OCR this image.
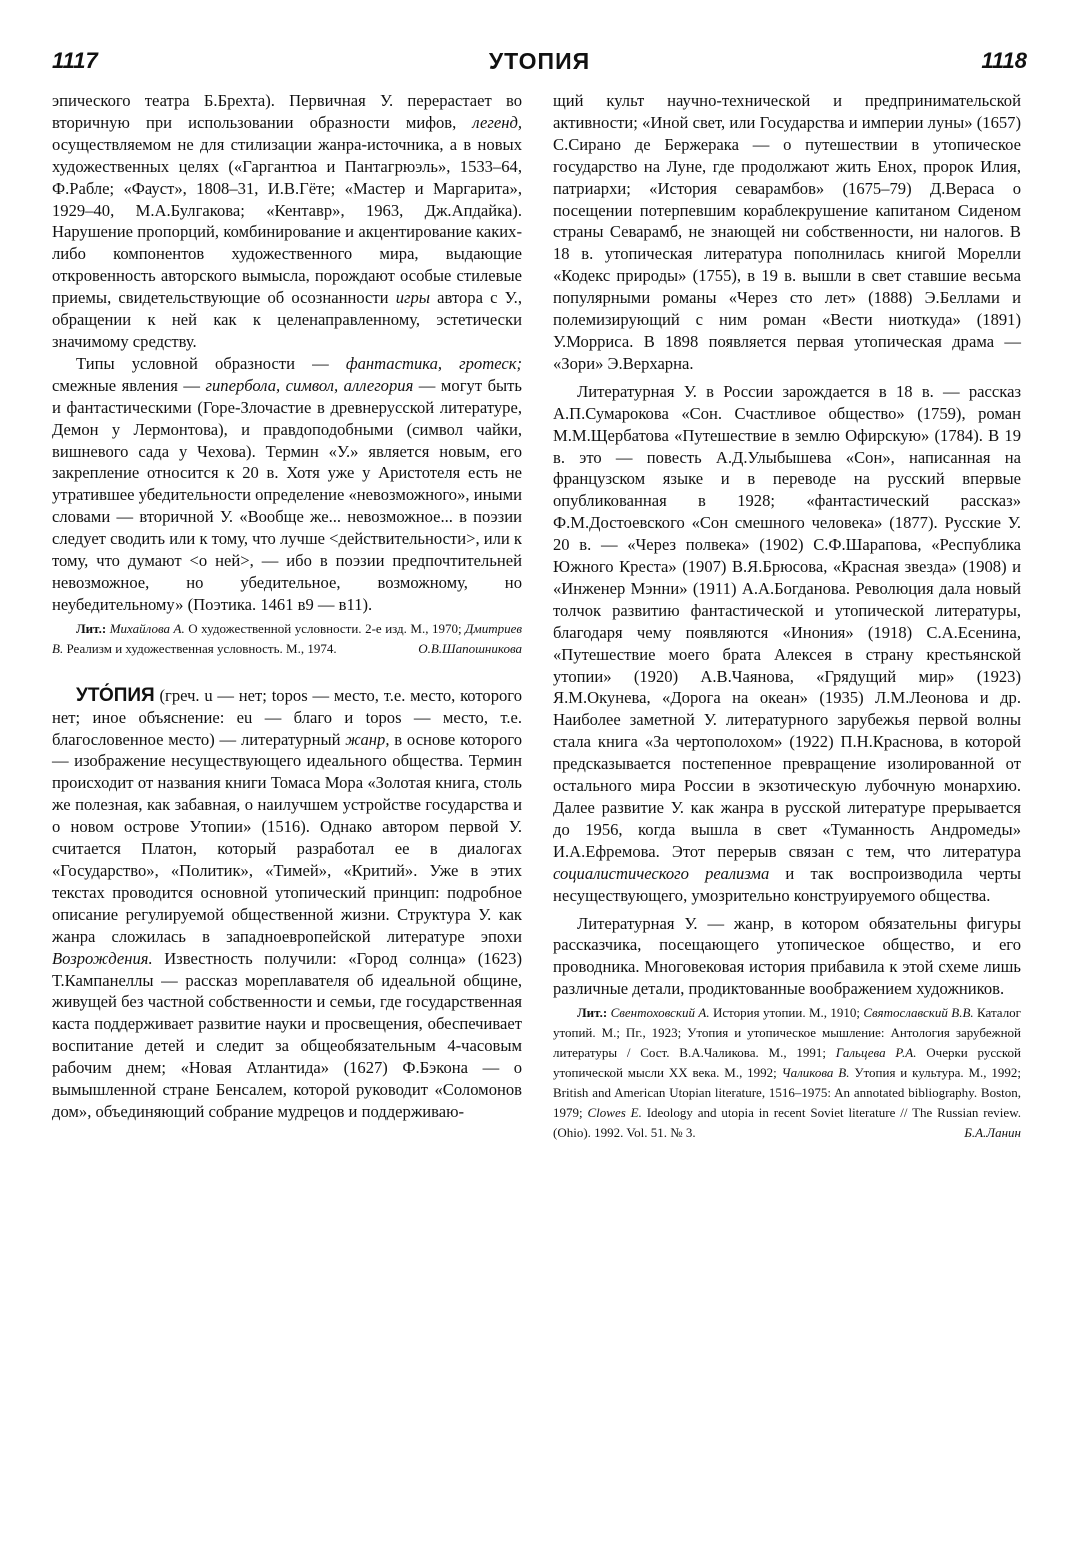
1117	УТОПИЯ	1118

эпического театра Б.Брехта). Первичная У. перерастает во вторичную при использовании образности мифов, легенд, осуществляемом не для стилизации жанра-источника, а в новых художественных целях («Гаргантюа и Пантагрюэль», 1533–64, Ф.Рабле; «Фауст», 1808–31, И.В.Гёте; «Мастер и Маргарита», 1929–40, М.А.Булгакова; «Кентавр», 1963, Дж.Апдайка). Нарушение пропорций, комбинирование и акцентирование каких-либо компонентов художественного мира, выдающие откровенность авторского вымысла, порождают особые стилевые приемы, свидетельствующие об осознанности игры автора с У., обращении к ней как к целенаправленному, эстетически значимому средству.

Типы условной образности — фантастика, гротеск; смежные явления — гипербола, символ, аллегория — могут быть и фантастическими (Горе-Злочастие в древнерусской литературе, Демон у Лермонтова), и правдоподобными (символ чайки, вишневого сада у Чехова). Термин «У.» является новым, его закрепление относится к 20 в. Хотя уже у Аристотеля есть не утратившее убедительности определение «невозможного», иными словами — вторичной У. «Вообще же... невозможное... в поэзии следует сводить или к тому, что лучше <действительности>, или к тому, что думают <о ней>, — ибо в поэзии предпочтительней невозможное, но убедительное, возможному, но неубедительному» (Поэтика. 1461 в9 — в11).

Лит.: Михайлова А. О художественной условности. 2-е изд. М., 1970; Дмитриев В. Реализм и художественная условность. М., 1974.	О.В.Шапошникова

УТО́ПИЯ (греч. u — нет; topos — место, т.е. место, которого нет; иное объяснение: eu — благо и topos — место, т.е. благословенное место) — литературный жанр, в основе которого — изображение несуществующего идеального общества. Термин происходит от названия книги Томаса Мора «Золотая книга, столь же полезная, как забавная, о наилучшем устройстве государства и о новом острове Утопии» (1516). Однако автором первой У. считается Платон, который разработал ее в диалогах «Государство», «Политик», «Тимей», «Критий». Уже в этих текстах проводится основной утопический принцип: подробное описание регулируемой общественной жизни. Структура У. как жанра сложилась в западноевропейской литературе эпохи Возрождения. Известность получили: «Город солнца» (1623) Т.Кампанеллы — рассказ мореплавателя об идеальной общине, живущей без частной собственности и семьи, где государственная каста поддерживает развитие науки и просвещения, обеспечивает воспитание детей и следит за общеобязательным 4-часовым рабочим днем; «Новая Атлантида» (1627) Ф.Бэкона — о вымышленной стране Бенсалем, которой руководит «Соломонов дом», объединяющий собрание мудрецов и поддерживаю-

щий культ научно-технической и предпринимательской активности; «Иной свет, или Государства и империи луны» (1657) С.Сирано де Бержерака — о путешествии в утопическое государство на Луне, где продолжают жить Енох, пророк Илия, патриархи; «История севарамбов» (1675–79) Д.Вераса о посещении потерпевшим кораблекрушение капитаном Сиденом страны Севарамб, не знающей ни собственности, ни налогов. В 18 в. утопическая литература пополнилась книгой Морелли «Кодекс природы» (1755), в 19 в. вышли в свет ставшие весьма популярными романы «Через сто лет» (1888) Э.Беллами и полемизирующий с ним роман «Вести ниоткуда» (1891) У.Морриса. В 1898 появляется первая утопическая драма — «Зори» Э.Верхарна.

Литературная У. в России зарождается в 18 в. — рассказ А.П.Сумарокова «Сон. Счастливое общество» (1759), роман М.М.Щербатова «Путешествие в землю Офирскую» (1784). В 19 в. это — повесть А.Д.Улыбышева «Сон», написанная на французском языке и в переводе на русский впервые опубликованная в 1928; «фантастический рассказ» Ф.М.Достоевского «Сон смешного человека» (1877). Русские У. 20 в. — «Через полвека» (1902) С.Ф.Шарапова, «Республика Южного Креста» (1907) В.Я.Брюсова, «Красная звезда» (1908) и «Инженер Мэнни» (1911) А.А.Богданова. Революция дала новый толчок развитию фантастической и утопической литературы, благодаря чему появляются «Инония» (1918) С.А.Есенина, «Путешествие моего брата Алексея в страну крестьянской утопии» (1920) А.В.Чаянова, «Грядущий мир» (1923) Я.М.Окунева, «Дорога на океан» (1935) Л.М.Леонова и др. Наиболее заметной У. литературного зарубежья первой волны стала книга «За чертополохом» (1922) П.Н.Краснова, в которой предсказывается постепенное превращение изолированной от остального мира России в экзотическую лубочную монархию. Далее развитие У. как жанра в русской литературе прерывается до 1956, когда вышла в свет «Туманность Андромеды» И.А.Ефремова. Этот перерыв связан с тем, что литература социалистического реализма и так воспроизводила черты несуществующего, умозрительно конструируемого общества.

Литературная У. — жанр, в котором обязательны фигуры рассказчика, посещающего утопическое общество, и его проводника. Многовековая история прибавила к этой схеме лишь различные детали, продиктованные воображением художников.

Лит.: Свентоховский А. История утопии. М., 1910; Святославский В.В. Каталог утопий. М.; Пг., 1923; Утопия и утопическое мышление: Антология зарубежной литературы / Сост. В.А.Чаликова. М., 1991; Гальцева Р.А. Очерки русской утопической мысли XX века. М., 1992; Чаликова В. Утопия и культура. М., 1992; British and American Utopian literature, 1516–1975: An annotated bibliography. Boston, 1979; Clowes E. Ideology and utopia in recent Soviet literature // The Russian review. (Ohio). 1992. Vol. 51. № 3.	Б.А.Ланин
